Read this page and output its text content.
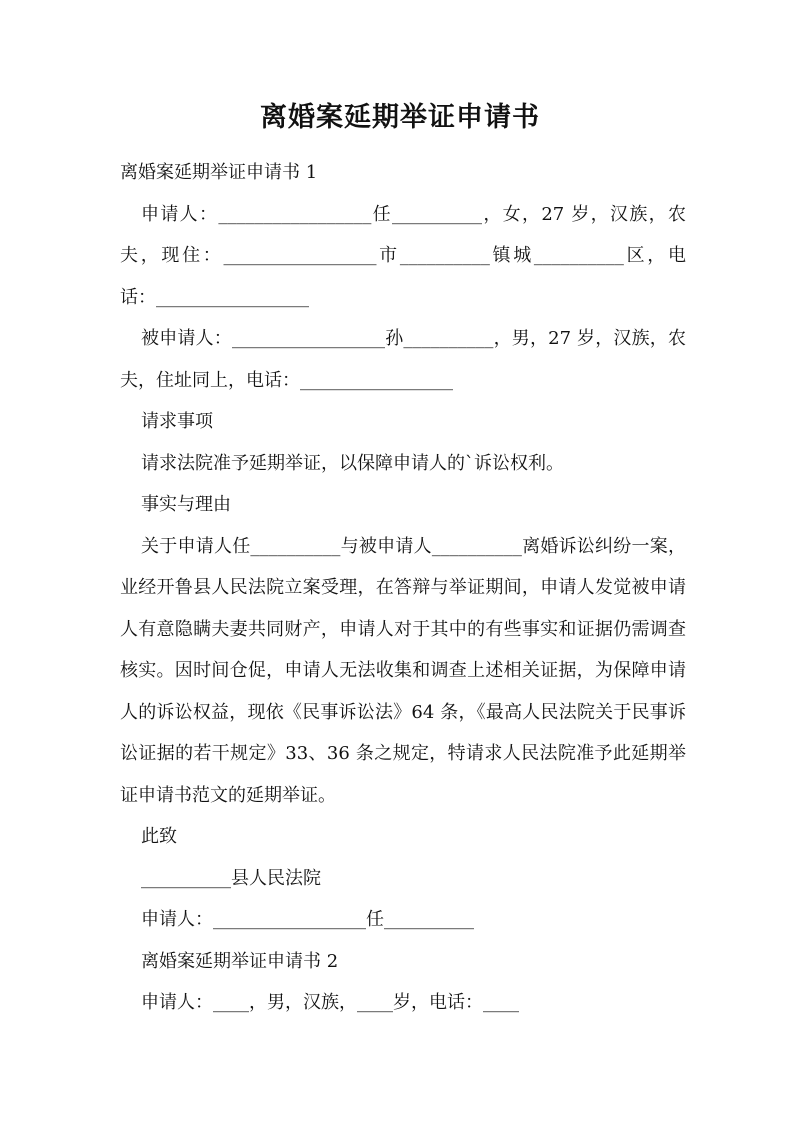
离婚案延期举证申请书

离婚案延期举证申请书 1

申请人：_________________任__________，女，27 岁，汉族，农夫，现住：_________________市__________镇城__________区，电话：_________________

被申请人：_________________孙__________，男，27 岁，汉族，农夫，住址同上，电话：_________________

请求事项

请求法院准予延期举证，以保障申请人的`诉讼权利。

事实与理由

关于申请人任__________与被申请人__________离婚诉讼纠纷一案，业经开鲁县人民法院立案受理，在答辩与举证期间，申请人发觉被申请人有意隐瞒夫妻共同财产，申请人对于其中的有些事实和证据仍需调查核实。因时间仓促，申请人无法收集和调查上述相关证据，为保障申请人的诉讼权益，现依《民事诉讼法》64 条，《最高人民法院关于民事诉讼证据的若干规定》33、36 条之规定，特请求人民法院准予此延期举证申请书范文的延期举证。

此致

__________县人民法院

申请人：_________________任__________

离婚案延期举证申请书 2

申请人：____，男，汉族，____岁，电话：____
